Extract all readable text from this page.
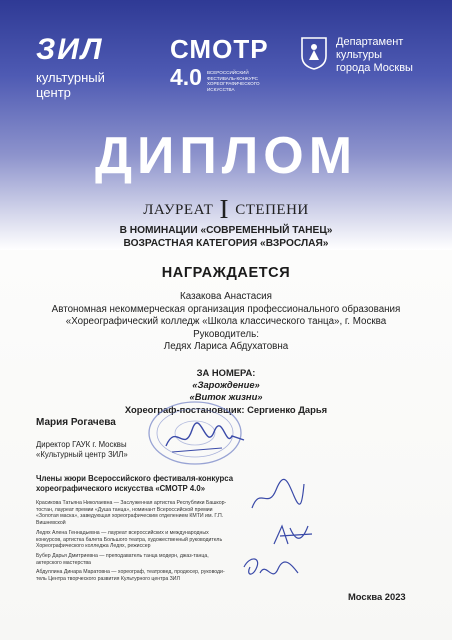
ЗИЛ
культурный
центр
СМОТР
4.0 ВСЕРОССИЙСКИЙ ФЕСТИВАЛЬ-КОНКУРС ХОРЕОГРАФИЧЕСКОГО ИСКУССТВА
Департамент
культуры
города Москвы
ДИПЛОМ
ЛАУРЕАТ I СТЕПЕНИ
В НОМИНАЦИИ «СОВРЕМЕННЫЙ ТАНЕЦ»
ВОЗРАСТНАЯ КАТЕГОРИЯ «ВЗРОСЛАЯ»
НАГРАЖДАЕТСЯ
Казакова Анастасия
Автономная некоммерческая организация профессионального образования
«Хореографический колледж «Школа классического танца», г. Москва
Руководитель:
Ледях Лариса Абдухатовна
ЗА НОМЕРА:
«Зарождение»
«Виток жизни»
Хореограф-постановщик: Сергиенко Дарья
Мария Рогачева
Директор ГАУК г. Москвы
«Культурный центр ЗИЛ»
Члены жюри Всероссийского фестиваля-конкурса
хореографического искусства «СМОТР 4.0»
Красикова Татьяна Николаевна — Заслуженная артистка Республики Башкор-
тостан, лауреат премии «Душа танца», номинант Всероссийской премии
«Золотая маска», заведующая хореографическим отделением КМТИ им. Г.П.
Вишневской
Ледях Алена Геннадьевна — лауреат всероссийских и международных
конкурсов, артистка балета Большого театра, художественный руководитель
Хореографического колледжа Ледях, режиссер
Бубер Дарья Дмитриевна — преподаватель танца модерн, джаз-танца,
актерского мастерства
Абдуллина Динара Маратовна — хореограф, театровед, продюсер, руководи-
тель Центра творческого развития Культурного центра ЗИЛ
Москва 2023
